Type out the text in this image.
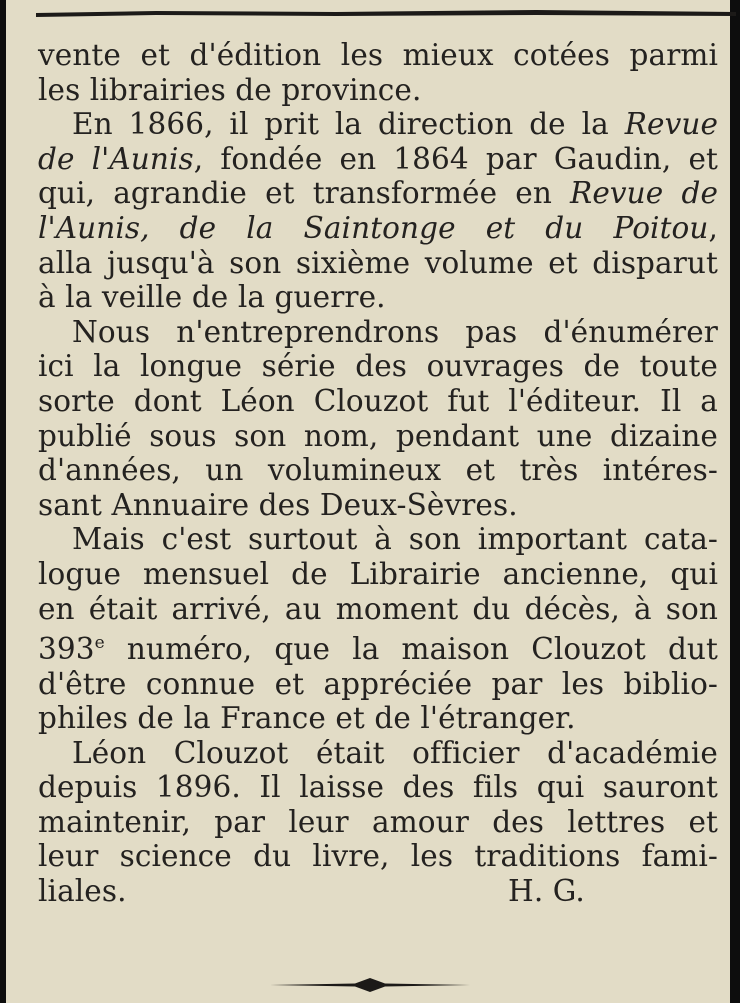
vente et d'édition les mieux cotées parmi
les librairies de province.
En 1866, il prit la direction de la Revue
de l'Aunis, fondée en 1864 par Gaudin, et
qui, agrandie et transformée en Revue de
l'Aunis, de la Saintonge et du Poitou,
alla jusqu'à son sixième volume et disparut
à la veille de la guerre.
Nous n'entreprendrons pas d'énumérer
ici la longue série des ouvrages de toute
sorte dont Léon Clouzot fut l'éditeur. Il a
publié sous son nom, pendant une dizaine
d'années, un volumineux et très intéres-
sant Annuaire des Deux-Sèvres.
Mais c'est surtout à son important cata-
logue mensuel de Librairie ancienne, qui
en était arrivé, au moment du décès, à son
393e numéro, que la maison Clouzot dut
d'être connue et appréciée par les biblio-
philes de la France et de l'étranger.
Léon Clouzot était officier d'académie
depuis 1896. Il laisse des fils qui sauront
maintenir, par leur amour des lettres et
leur science du livre, les traditions fami-
liales.	H. G.
